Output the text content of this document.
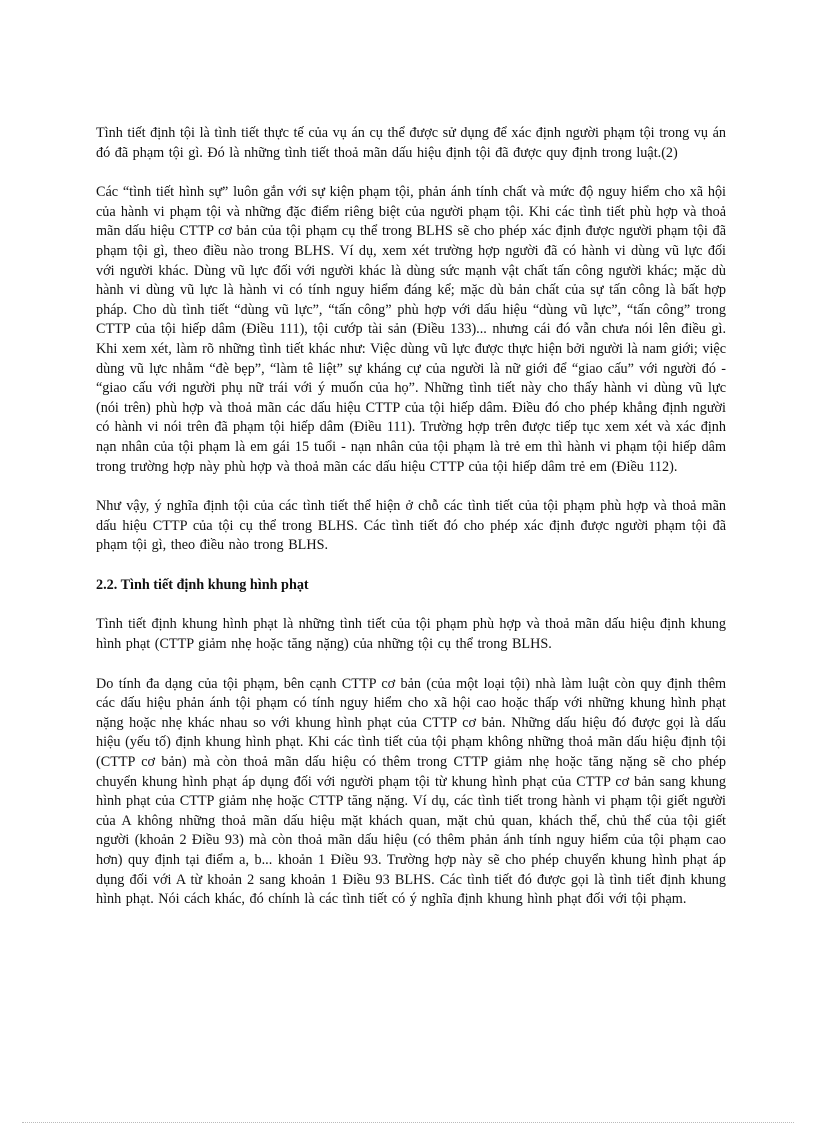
Tình tiết định tội là tình tiết thực tế của vụ án cụ thể được sử dụng để xác định người phạm tội trong vụ án đó đã phạm tội gì. Đó là những tình tiết thoả mãn dấu hiệu định tội đã được quy định trong luật.(2)

Các “tình tiết hình sự” luôn gắn với sự kiện phạm tội, phản ánh tính chất và mức độ nguy hiểm cho xã hội của hành vi phạm tội và những đặc điểm riêng biệt của người phạm tội. Khi các tình tiết phù hợp và thoả mãn dấu hiệu CTTP cơ bản của tội phạm cụ thể trong BLHS sẽ cho phép xác định được người phạm tội đã phạm tội gì, theo điều nào trong BLHS. Ví dụ, xem xét trường hợp người đã có hành vi dùng vũ lực đối với người khác. Dùng vũ lực đối với người khác là dùng sức mạnh vật chất tấn công người khác; mặc dù hành vi dùng vũ lực là hành vi có tính nguy hiểm đáng kể; mặc dù bản chất của sự tấn công là bất hợp pháp. Cho dù tình tiết “dùng vũ lực”, “tấn công” phù hợp với dấu hiệu “dùng vũ lực”, “tấn công” trong CTTP của tội hiếp dâm (Điều 111), tội cướp tài sản (Điều 133)... nhưng cái đó vẫn chưa nói lên điều gì. Khi xem xét, làm rõ những tình tiết khác như: Việc dùng vũ lực được thực hiện bởi người là nam giới; việc dùng vũ lực nhằm “đè bẹp”, “làm tê liệt” sự kháng cự của người là nữ giới để “giao cấu” với người đó - “giao cấu với người phụ nữ trái với ý muốn của họ”. Những tình tiết này cho thấy hành vi dùng vũ lực (nói trên) phù hợp và thoả mãn các dấu hiệu CTTP của tội hiếp dâm. Điều đó cho phép khẳng định người có hành vi nói trên đã phạm tội hiếp dâm (Điều 111). Trường hợp trên được tiếp tục xem xét và xác định nạn nhân của tội phạm là em gái 15 tuổi - nạn nhân của tội phạm là trẻ em thì hành vi phạm tội hiếp dâm trong trường hợp này phù hợp và thoả mãn các dấu hiệu CTTP của tội hiếp dâm trẻ em (Điều 112).

Như vậy, ý nghĩa định tội của các tình tiết thể hiện ở chỗ các tình tiết của tội phạm phù hợp và thoả mãn dấu hiệu CTTP của tội cụ thể trong BLHS. Các tình tiết đó cho phép xác định được người phạm tội đã phạm tội gì, theo điều nào trong BLHS.

2.2. Tình tiết định khung hình phạt

Tình tiết định khung hình phạt là những tình tiết của tội phạm phù hợp và thoả mãn dấu hiệu định khung hình phạt (CTTP giảm nhẹ hoặc tăng nặng) của những tội cụ thể trong BLHS.

Do tính đa dạng của tội phạm, bên cạnh CTTP cơ bản (của một loại tội) nhà làm luật còn quy định thêm các dấu hiệu phản ánh tội phạm có tính nguy hiểm cho xã hội cao hoặc thấp với những khung hình phạt nặng hoặc nhẹ khác nhau so với khung hình phạt của CTTP cơ bản. Những dấu hiệu đó được gọi là dấu hiệu (yếu tố) định khung hình phạt. Khi các tình tiết của tội phạm không những thoả mãn dấu hiệu định tội (CTTP cơ bản) mà còn thoả mãn dấu hiệu có thêm trong CTTP giảm nhẹ hoặc tăng nặng sẽ cho phép chuyển khung hình phạt áp dụng đối với người phạm tội từ khung hình phạt của CTTP cơ bản sang khung hình phạt của CTTP giảm nhẹ hoặc CTTP tăng nặng. Ví dụ, các tình tiết trong hành vi phạm tội giết người của A không những thoả mãn dấu hiệu mặt khách quan, mặt chủ quan, khách thể, chủ thể của tội giết người (khoản 2 Điều 93) mà còn thoả mãn dấu hiệu (có thêm phản ánh tính nguy hiểm của tội phạm cao hơn) quy định tại điểm a, b... khoản 1 Điều 93. Trường hợp này sẽ cho phép chuyển khung hình phạt áp dụng đối với A từ khoản 2 sang khoản 1 Điều 93 BLHS. Các tình tiết đó được gọi là tình tiết định khung hình phạt. Nói cách khác, đó chính là các tình tiết có ý nghĩa định khung hình phạt đối với tội phạm.
